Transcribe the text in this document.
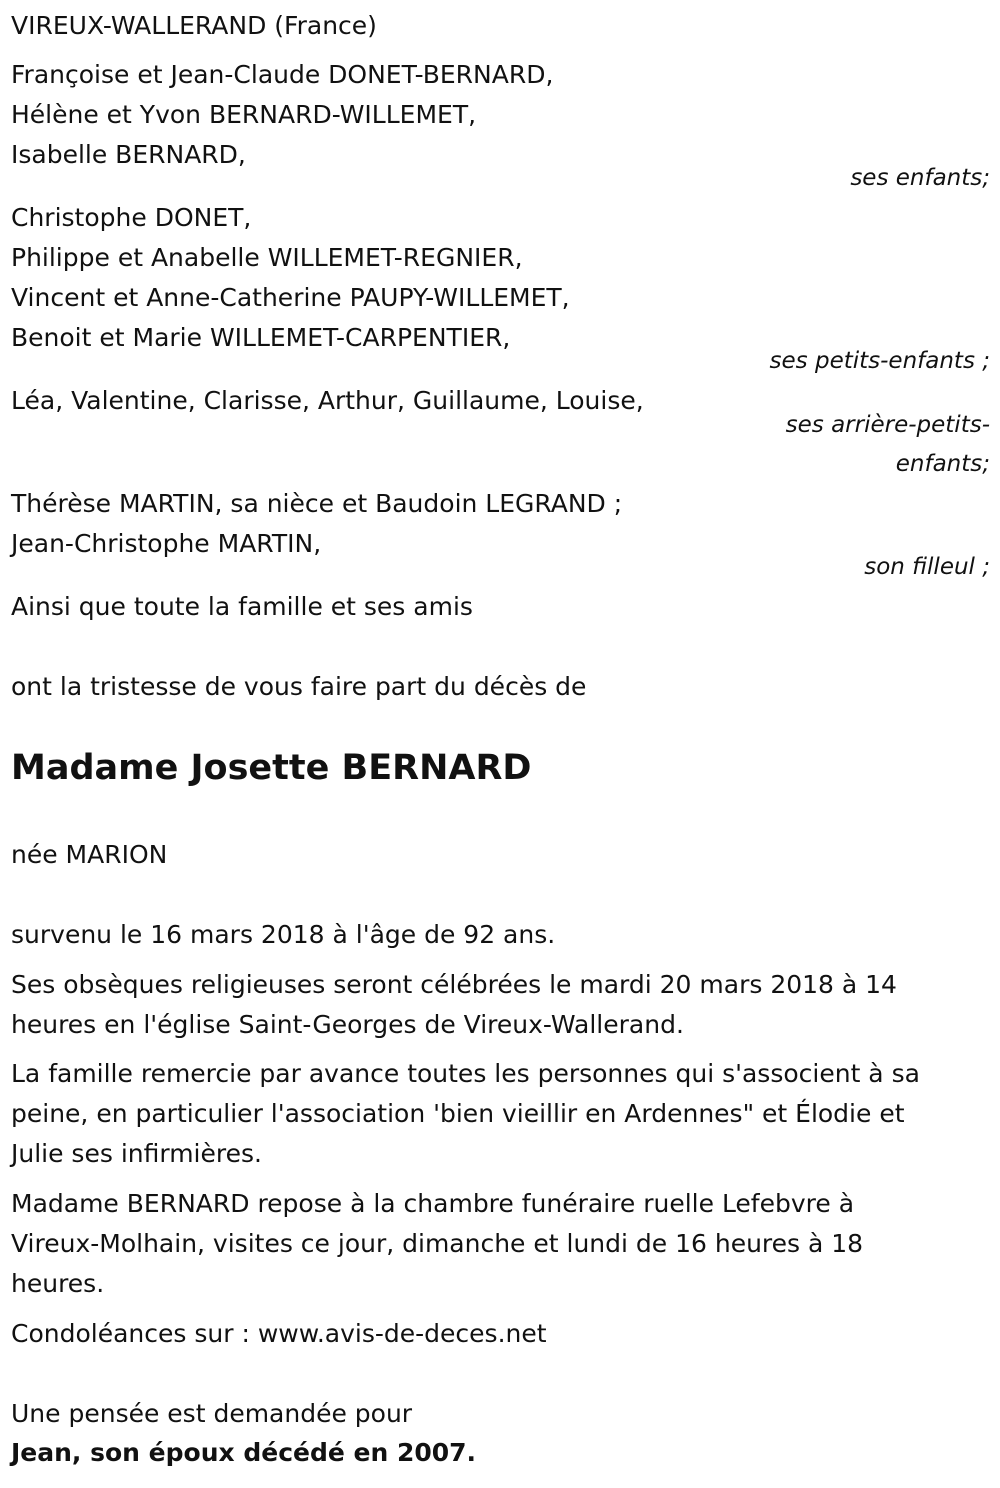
VIREUX-WALLERAND (France)
Françoise et Jean-Claude DONET-BERNARD,
Hélène et Yvon BERNARD-WILLEMET,
Isabelle BERNARD,
ses enfants;
Christophe DONET,
Philippe et Anabelle WILLEMET-REGNIER,
Vincent et Anne-Catherine PAUPY-WILLEMET,
Benoit et Marie WILLEMET-CARPENTIER,
ses petits-enfants ;
Léa, Valentine, Clarisse, Arthur, Guillaume, Louise,
ses arrière-petits-
enfants;
Thérèse MARTIN, sa nièce et Baudoin LEGRAND ;
Jean-Christophe MARTIN,
son filleul ;
Ainsi que toute la famille et ses amis
ont la tristesse de vous faire part du décès de
Madame Josette BERNARD
née MARION
survenu le 16 mars 2018 à l'âge de 92 ans.
Ses obsèques religieuses seront célébrées le mardi 20 mars 2018 à 14
heures en l'église Saint-Georges de Vireux-Wallerand.
La famille remercie par avance toutes les personnes qui s'associent à sa
peine, en particulier l'association 'bien vieillir en Ardennes" et Élodie et
Julie ses infirmières.
Madame BERNARD repose à la chambre funéraire ruelle Lefebvre à
Vireux-Molhain, visites ce jour, dimanche et lundi de 16 heures à 18
heures.
Condoléances sur : www.avis-de-deces.net
Une pensée est demandée pour
Jean, son époux décédé en 2007.
